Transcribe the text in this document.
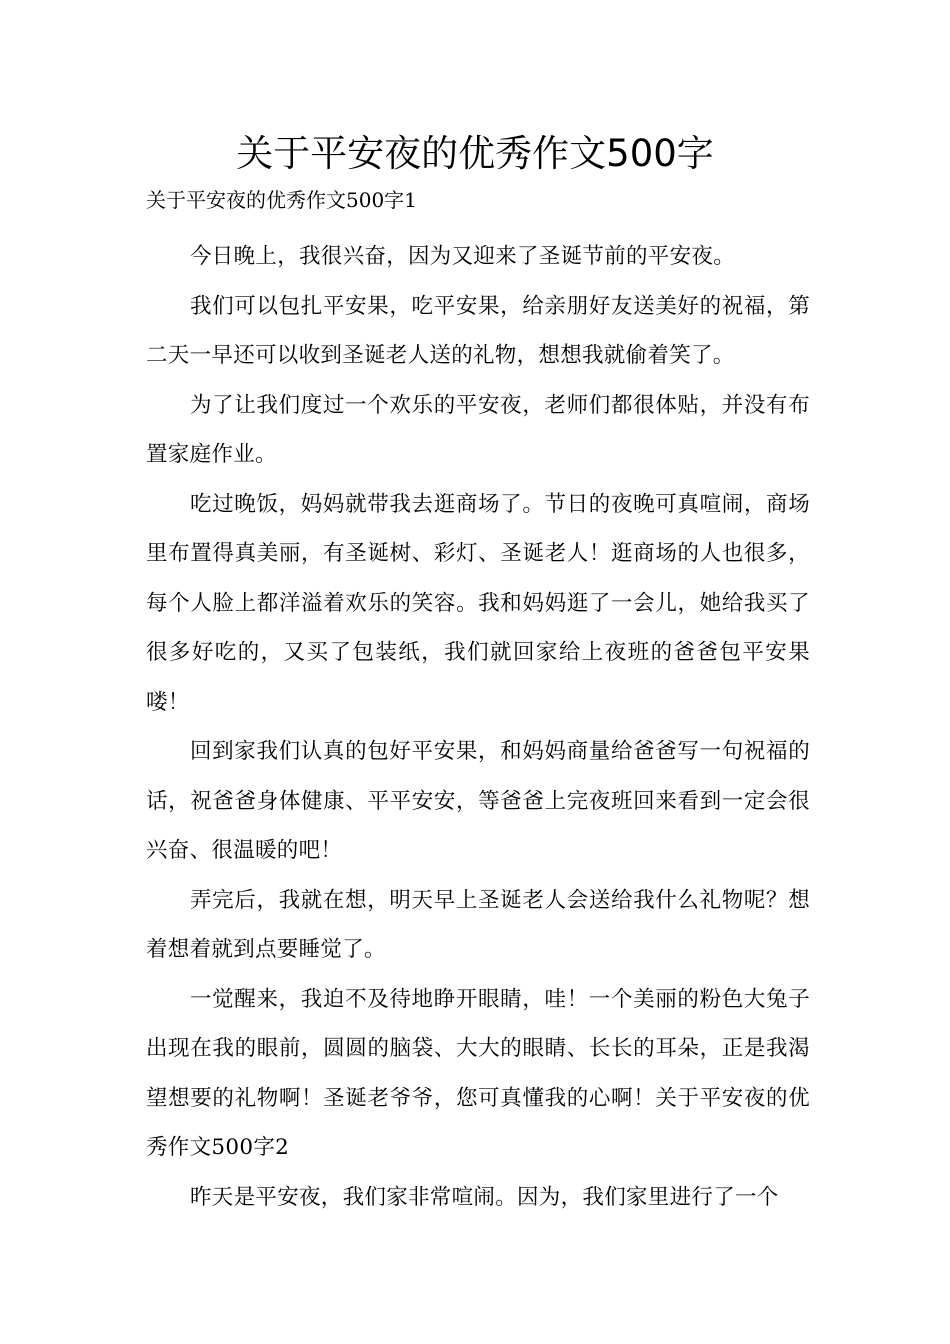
关于平安夜的优秀作文500字

关于平安夜的优秀作文500字1

今日晚上，我很兴奋，因为又迎来了圣诞节前的平安夜。

我们可以包扎平安果，吃平安果，给亲朋好友送美好的祝福，第二天一早还可以收到圣诞老人送的礼物，想想我就偷着笑了。

为了让我们度过一个欢乐的平安夜，老师们都很体贴，并没有布置家庭作业。

吃过晚饭，妈妈就带我去逛商场了。节日的夜晚可真喧闹，商场里布置得真美丽，有圣诞树、彩灯、圣诞老人！逛商场的人也很多，每个人脸上都洋溢着欢乐的笑容。我和妈妈逛了一会儿，她给我买了很多好吃的，又买了包装纸，我们就回家给上夜班的爸爸包平安果喽！

回到家我们认真的包好平安果，和妈妈商量给爸爸写一句祝福的话，祝爸爸身体健康、平平安安，等爸爸上完夜班回来看到一定会很兴奋、很温暖的吧！

弄完后，我就在想，明天早上圣诞老人会送给我什么礼物呢？想着想着就到点要睡觉了。

一觉醒来，我迫不及待地睁开眼睛，哇！一个美丽的粉色大兔子出现在我的眼前，圆圆的脑袋、大大的眼睛、长长的耳朵，正是我渴望想要的礼物啊！圣诞老爷爷，您可真懂我的心啊！关于平安夜的优秀作文500字2

昨天是平安夜，我们家非常喧闹。因为，我们家里进行了一个
